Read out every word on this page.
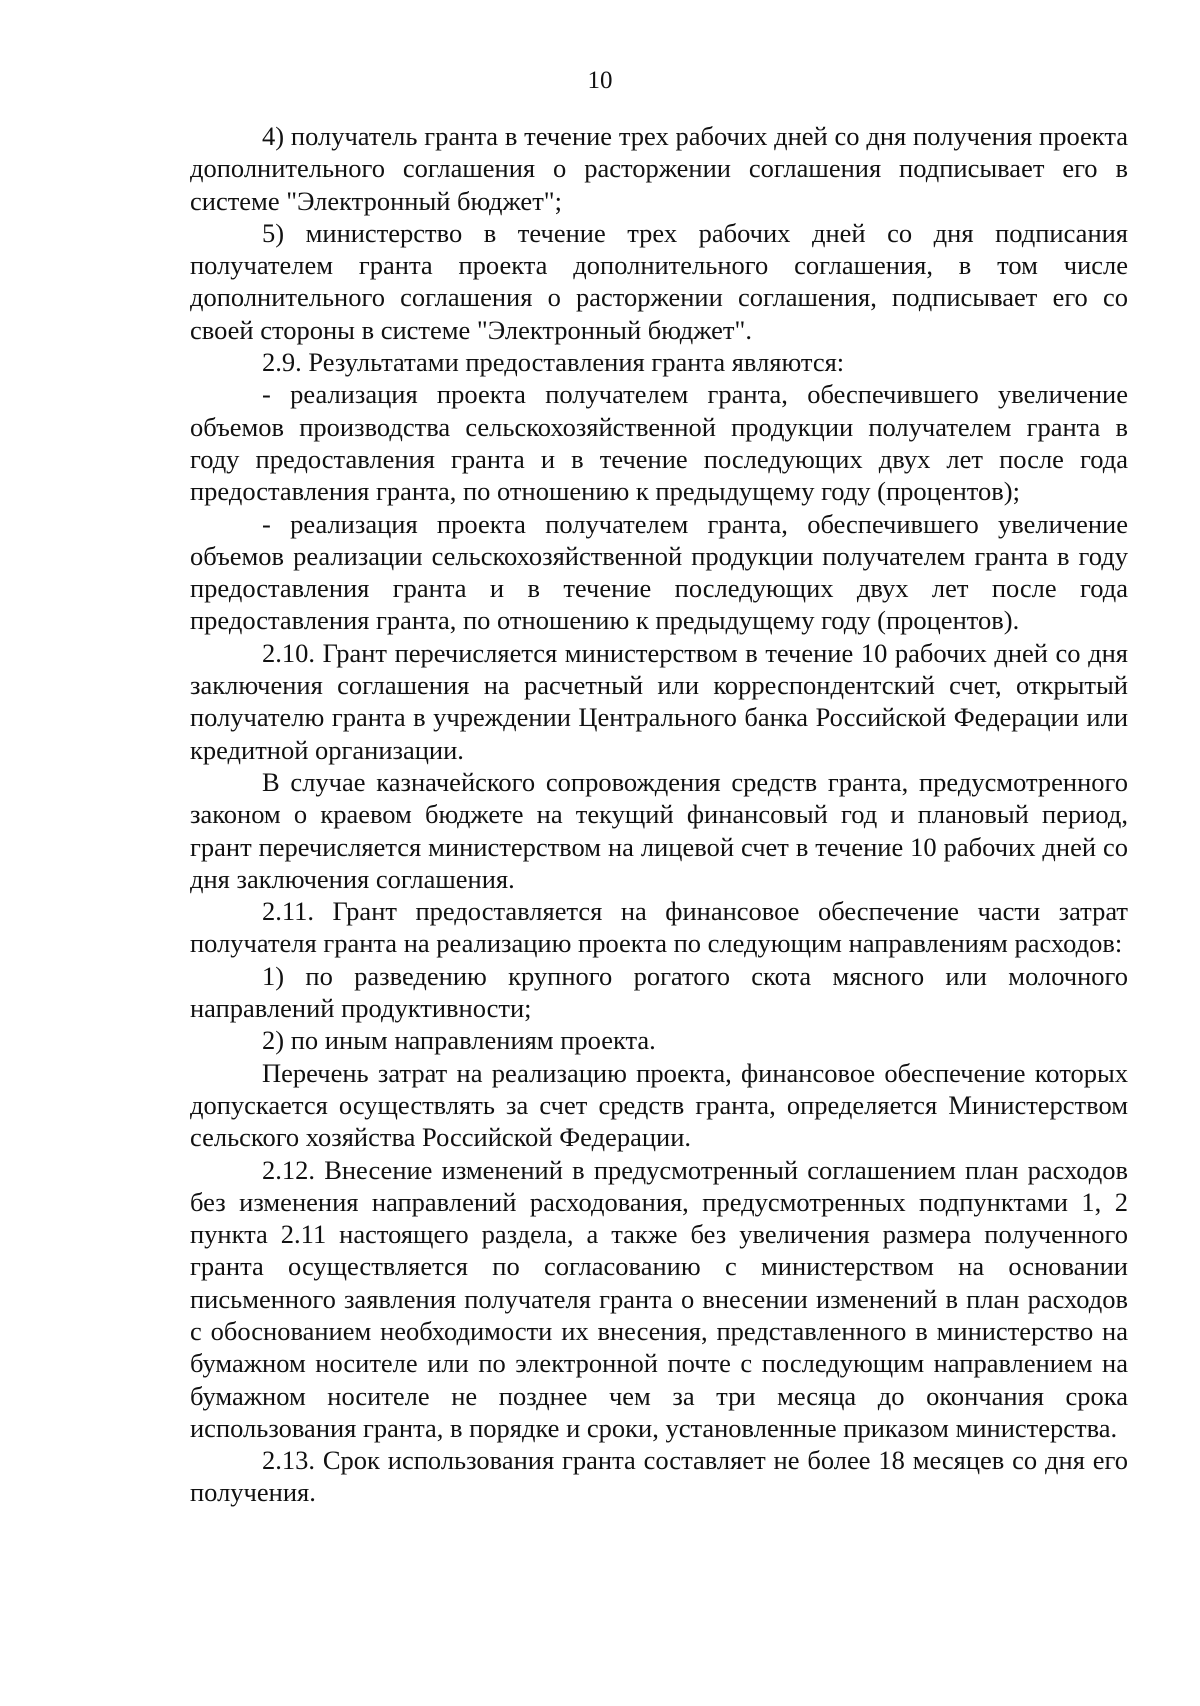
10

4) получатель гранта в течение трех рабочих дней со дня получения проекта дополнительного соглашения о расторжении соглашения подписывает его в системе "Электронный бюджет";

5) министерство в течение трех рабочих дней со дня подписания получателем гранта проекта дополнительного соглашения, в том числе дополнительного соглашения о расторжении соглашения, подписывает его со своей стороны в системе "Электронный бюджет".

2.9. Результатами предоставления гранта являются:

- реализация проекта получателем гранта, обеспечившего увеличение объемов производства сельскохозяйственной продукции получателем гранта в году предоставления гранта и в течение последующих двух лет после года предоставления гранта, по отношению к предыдущему году (процентов);

- реализация проекта получателем гранта, обеспечившего увеличение объемов реализации сельскохозяйственной продукции получателем гранта в году предоставления гранта и в течение последующих двух лет после года предоставления гранта, по отношению к предыдущему году (процентов).

2.10. Грант перечисляется министерством в течение 10 рабочих дней со дня заключения соглашения на расчетный или корреспондентский счет, открытый получателю гранта в учреждении Центрального банка Российской Федерации или кредитной организации.

В случае казначейского сопровождения средств гранта, предусмотренного законом о краевом бюджете на текущий финансовый год и плановый период, грант перечисляется министерством на лицевой счет в течение 10 рабочих дней со дня заключения соглашения.

2.11. Грант предоставляется на финансовое обеспечение части затрат получателя гранта на реализацию проекта по следующим направлениям расходов:

1) по разведению крупного рогатого скота мясного или молочного направлений продуктивности;

2) по иным направлениям проекта.

Перечень затрат на реализацию проекта, финансовое обеспечение которых допускается осуществлять за счет средств гранта, определяется Министерством сельского хозяйства Российской Федерации.

2.12. Внесение изменений в предусмотренный соглашением план расходов без изменения направлений расходования, предусмотренных подпунктами 1, 2 пункта 2.11 настоящего раздела, а также без увеличения размера полученного гранта осуществляется по согласованию с министерством на основании письменного заявления получателя гранта о внесении изменений в план расходов с обоснованием необходимости их внесения, представленного в министерство на бумажном носителе или по электронной почте с последующим направлением на бумажном носителе не позднее чем за три месяца до окончания срока использования гранта, в порядке и сроки, установленные приказом министерства.

2.13. Срок использования гранта составляет не более 18 месяцев со дня его получения.
